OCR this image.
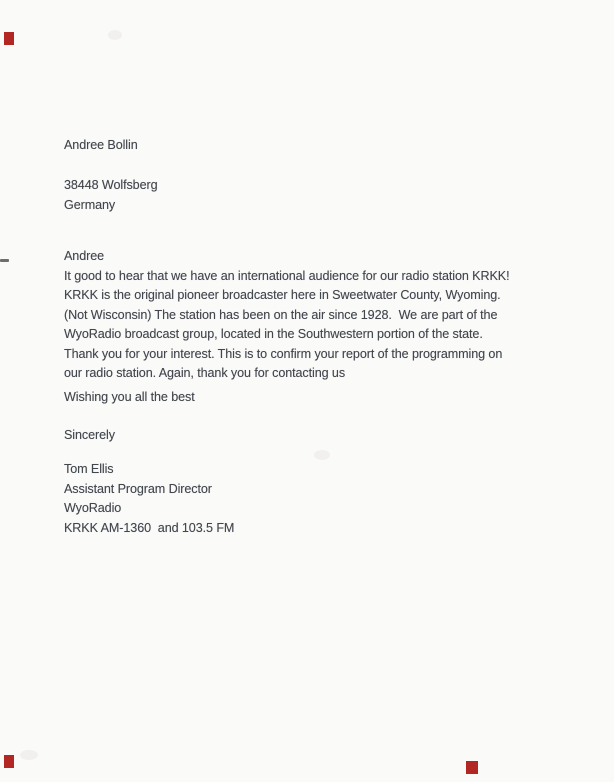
Andree Bollin
38448 Wolfsberg
Germany
Andree
It good to hear that we have an international audience for our radio station KRKK!
KRKK is the original pioneer broadcaster here in Sweetwater County, Wyoming.
(Not Wisconsin) The station has been on the air since 1928.  We are part of the
WyoRadio broadcast group, located in the Southwestern portion of the state.
Thank you for your interest. This is to confirm your report of the programming on
our radio station. Again, thank you for contacting us
Wishing you all the best
Sincerely
Tom Ellis
Assistant Program Director
WyoRadio
KRKK AM-1360  and 103.5 FM
